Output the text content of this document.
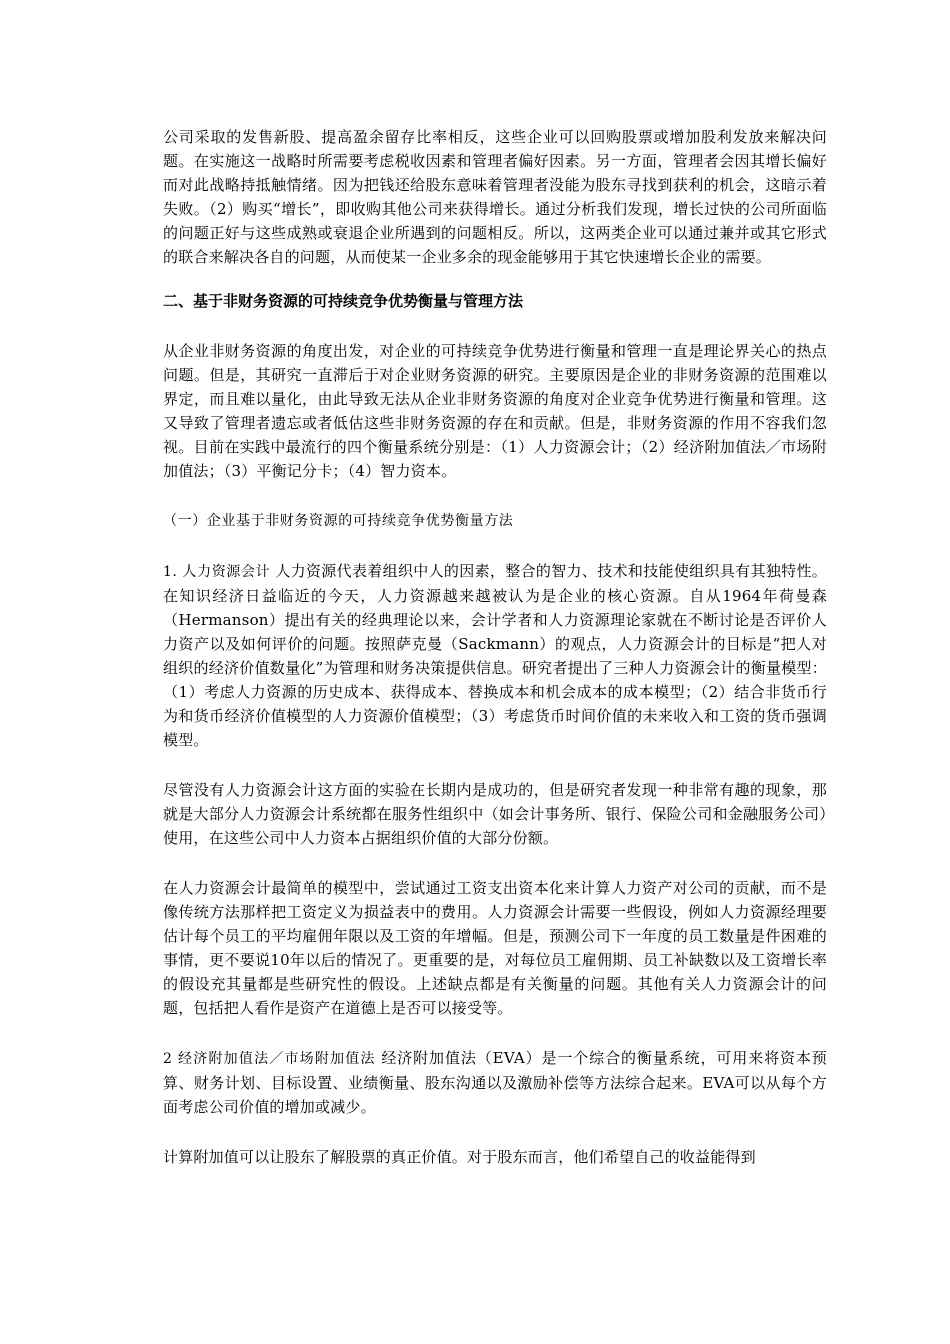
公司采取的发售新股、提高盈余留存比率相反，这些企业可以回购股票或增加股利发放来解决问题。在实施这一战略时所需要考虑税收因素和管理者偏好因素。另一方面，管理者会因其增长偏好而对此战略持抵触情绪。因为把钱还给股东意味着管理者没能为股东寻找到获利的机会，这暗示着失败。（2）购买“增长”，即收购其他公司来获得增长。通过分析我们发现，增长过快的公司所面临的问题正好与这些成熟或衰退企业所遇到的问题相反。所以，这两类企业可以通过兼并或其它形式的联合来解决各自的问题，从而使某一企业多余的现金能够用于其它快速增长企业的需要。

二、基于非财务资源的可持续竞争优势衡量与管理方法

从企业非财务资源的角度出发，对企业的可持续竞争优势进行衡量和管理一直是理论界关心的热点问题。但是，其研究一直滞后于对企业财务资源的研究。主要原因是企业的非财务资源的范围难以界定，而且难以量化，由此导致无法从企业非财务资源的角度对企业竞争优势进行衡量和管理。这又导致了管理者遗忘或者低估这些非财务资源的存在和贡献。但是，非财务资源的作用不容我们忽视。目前在实践中最流行的四个衡量系统分别是：（1）人力资源会计；（2）经济附加值法／市场附加值法；（3）平衡记分卡；（4）智力资本。

（一）企业基于非财务资源的可持续竞争优势衡量方法

1. 人力资源会计 人力资源代表着组织中人的因素，整合的智力、技术和技能使组织具有其独特性。在知识经济日益临近的今天，人力资源越来越被认为是企业的核心资源。自从1964年荷曼森（Hermanson）提出有关的经典理论以来，会计学者和人力资源理论家就在不断讨论是否评价人力资产以及如何评价的问题。按照萨克曼（Sackmann）的观点，人力资源会计的目标是“把人对组织的经济价值数量化”为管理和财务决策提供信息。研究者提出了三种人力资源会计的衡量模型：（1）考虑人力资源的历史成本、获得成本、替换成本和机会成本的成本模型；（2）结合非货币行为和货币经济价值模型的人力资源价值模型；（3）考虑货币时间价值的未来收入和工资的货币强调模型。

尽管没有人力资源会计这方面的实验在长期内是成功的，但是研究者发现一种非常有趣的现象，那就是大部分人力资源会计系统都在服务性组织中（如会计事务所、银行、保险公司和金融服务公司）使用，在这些公司中人力资本占据组织价值的大部分份额。

在人力资源会计最简单的模型中，尝试通过工资支出资本化来计算人力资产对公司的贡献，而不是像传统方法那样把工资定义为损益表中的费用。人力资源会计需要一些假设，例如人力资源经理要估计每个员工的平均雇佣年限以及工资的年增幅。但是，预测公司下一年度的员工数量是件困难的事情，更不要说10年以后的情况了。更重要的是，对每位员工雇佣期、员工补缺数以及工资增长率的假设充其量都是些研究性的假设。上述缺点都是有关衡量的问题。其他有关人力资源会计的问题，包括把人看作是资产在道德上是否可以接受等。

2 经济附加值法／市场附加值法 经济附加值法（EVA）是一个综合的衡量系统，可用来将资本预算、财务计划、目标设置、业绩衡量、股东沟通以及激励补偿等方法综合起来。EVA可以从每个方面考虑公司价值的增加或减少。

计算附加值可以让股东了解股票的真正价值。对于股东而言，他们希望自己的收益能得到
